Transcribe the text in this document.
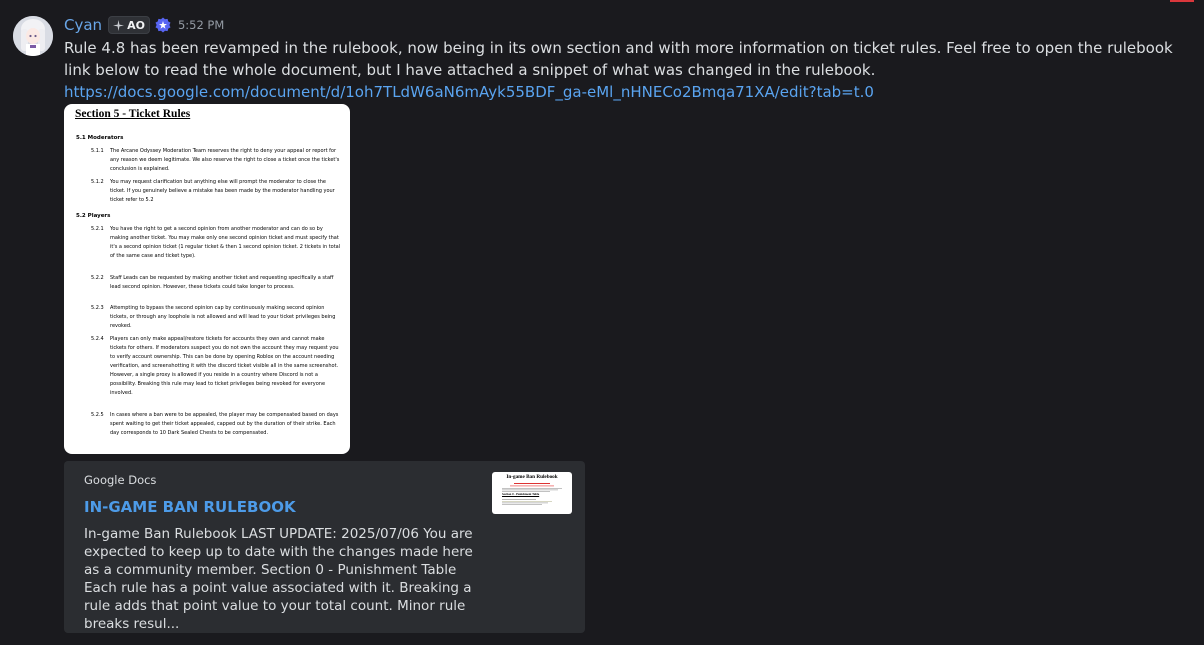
Cyan AO	5:52 PM
Rule 4.8 has been revamped in the rulebook, now being in its own section and with more information on ticket rules. Feel free to open the rulebook link below to read the whole document, but I have attached a snippet of what was changed in the rulebook.
https://docs.google.com/document/d/1oh7TLdW6aN6mAyk55BDF_ga-eMl_nHNECo2Bmqa71XA/edit?tab=t.0
Section 5 - Ticket Rules
5.1 Moderators
5.1.1	The Arcane Odyssey Moderation Team reserves the right to deny your appeal or report for any reason we deem legitimate. We also reserve the right to close a ticket once the ticket's conclusion is explained.
5.1.2	You may request clarification but anything else will prompt the moderator to close the ticket. If you genuinely believe a mistake has been made by the moderator handling your ticket refer to 5.2
5.2 Players
5.2.1	You have the right to get a second opinion from another moderator and can do so by making another ticket. You may make only one second opinion ticket and must specify that it's a second opinion ticket (1 regular ticket & then 1 second opinion ticket. 2 tickets in total of the same case and ticket type).
5.2.2	Staff Leads can be requested by making another ticket and requesting specifically a staff lead second opinion. However, these tickets could take longer to process.
5.2.3	Attempting to bypass the second opinion cap by continuously making second opinion tickets, or through any loophole is not allowed and will lead to your ticket privileges being revoked.
5.2.4	Players can only make appeal/restore tickets for accounts they own and cannot make tickets for others. If moderators suspect you do not own the account they may request you to verify account ownership. This can be done by opening Roblox on the account needing verification, and screenshotting it with the discord ticket visible all in the same screenshot. However, a single proxy is allowed if you reside in a country where Discord is not a possibility. Breaking this rule may lead to ticket privileges being revoked for everyone involved.
5.2.5	In cases where a ban were to be appealed, the player may be compensated based on days spent waiting to get their ticket appealed, capped out by the duration of their strike. Each day corresponds to 10 Dark Sealed Chests to be compensated.
Google Docs
IN-GAME BAN RULEBOOK
In-game Ban Rulebook LAST UPDATE: 2025/07/06 You are expected to keep up to date with the changes made here as a community member. Section 0 - Punishment Table Each rule has a point value associated with it. Breaking a rule adds that point value to your total count. Minor rule breaks resul...
In-game Ban Rulebook
Section 0 - Punishment Table
